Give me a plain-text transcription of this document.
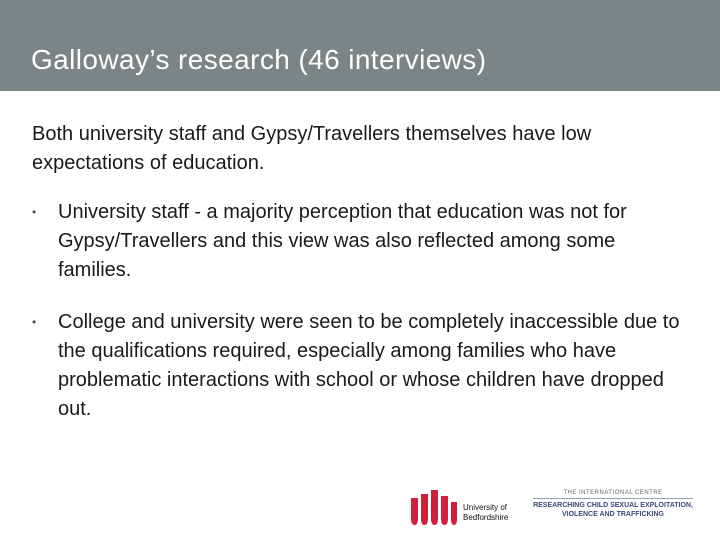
Galloway’s research (46 interviews)

Both university staff and Gypsy/Travellers themselves have low expectations of education.

• University staff - a majority perception that education was not for Gypsy/Travellers and this view was also reflected among some families.
• College and university were seen to be completely inaccessible due to the qualifications required, especially among families who have problematic interactions with school or whose children have dropped out.
University of
Bedfordshire
THE INTERNATIONAL CENTRE
RESEARCHING CHILD SEXUAL EXPLOITATION,
VIOLENCE AND TRAFFICKING
